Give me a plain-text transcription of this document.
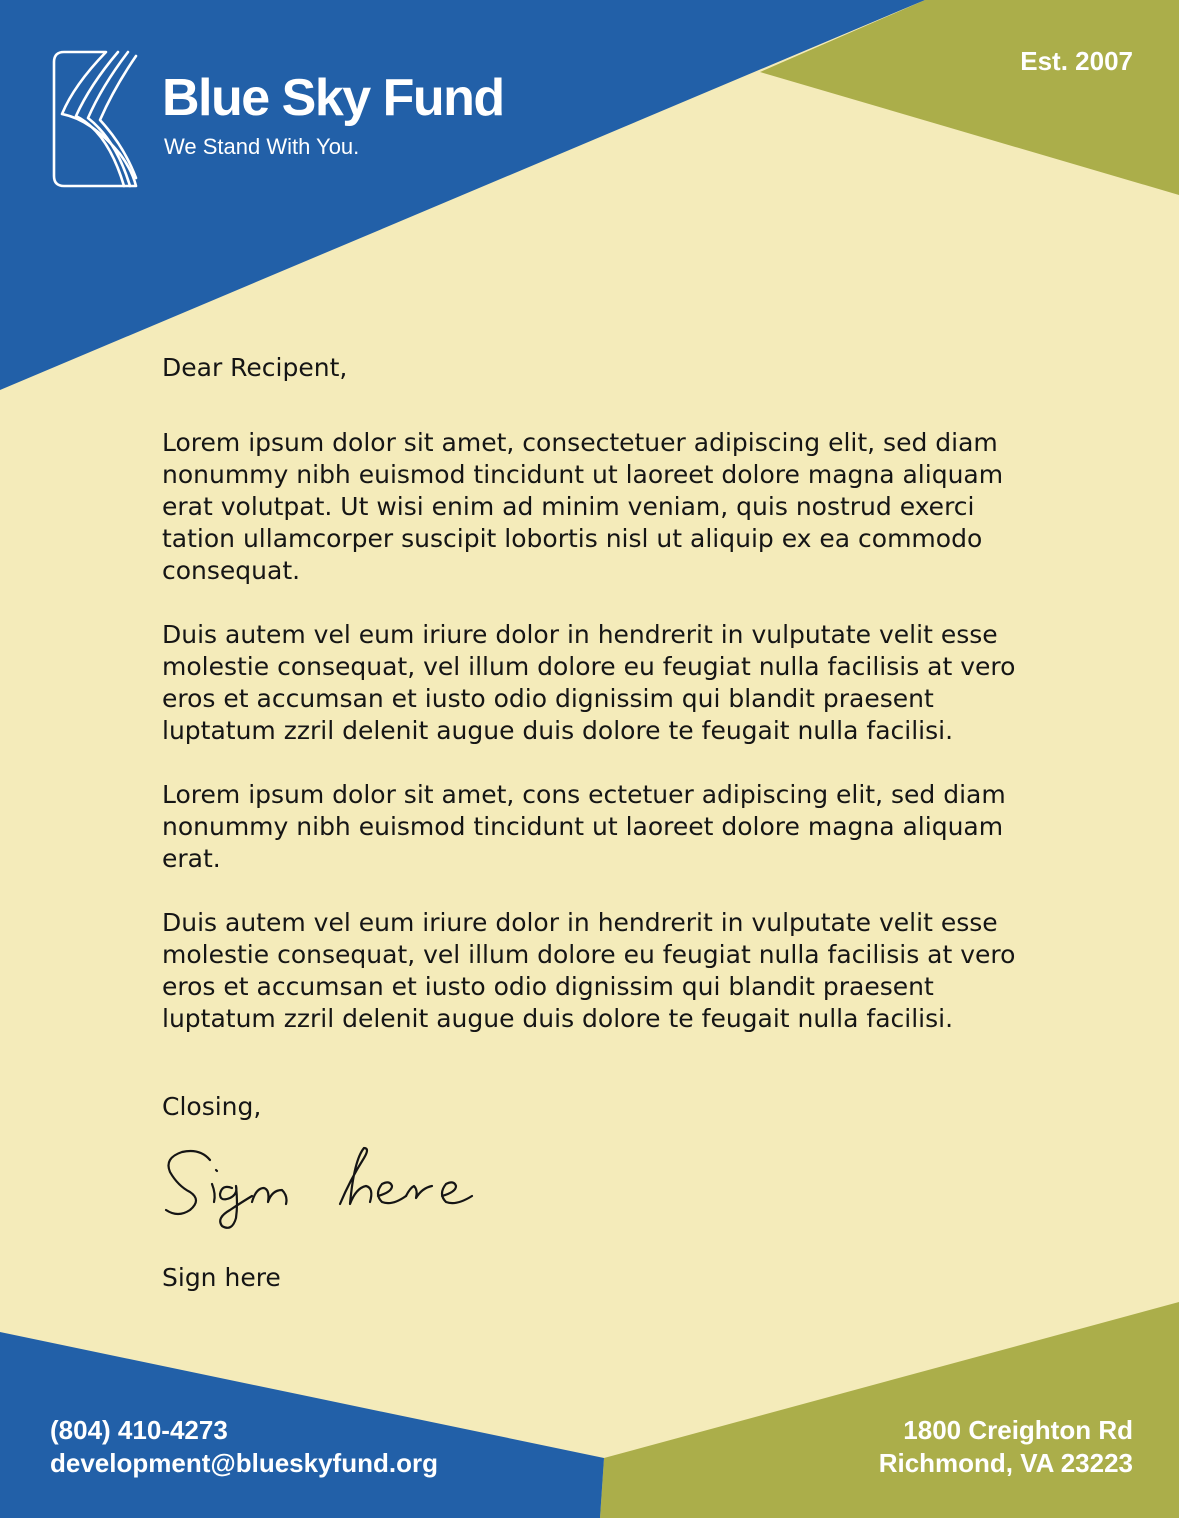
Blue Sky Fund
We Stand With You.
Est. 2007

Dear Recipent,

Lorem ipsum dolor sit amet, consectetuer adipiscing elit, sed diam nonummy nibh euismod tincidunt ut laoreet dolore magna aliquam erat volutpat. Ut wisi enim ad minim veniam, quis nostrud exerci tation ullamcorper suscipit lobortis nisl ut aliquip ex ea commodo consequat.

Duis autem vel eum iriure dolor in hendrerit in vulputate velit esse molestie consequat, vel illum dolore eu feugiat nulla facilisis at vero eros et accumsan et iusto odio dignissim qui blandit praesent luptatum zzril delenit augue duis dolore te feugait nulla facilisi.

Lorem ipsum dolor sit amet, cons ectetuer adipiscing elit, sed diam nonummy nibh euismod tincidunt ut laoreet dolore magna aliquam erat.

Duis autem vel eum iriure dolor in hendrerit in vulputate velit esse molestie consequat, vel illum dolore eu feugiat nulla facilisis at vero eros et accumsan et iusto odio dignissim qui blandit praesent luptatum zzril delenit augue duis dolore te feugait nulla facilisi.

Closing,

Sign here
(804) 410-4273
development@blueskyfund.org
1800 Creighton Rd
Richmond, VA 23223
